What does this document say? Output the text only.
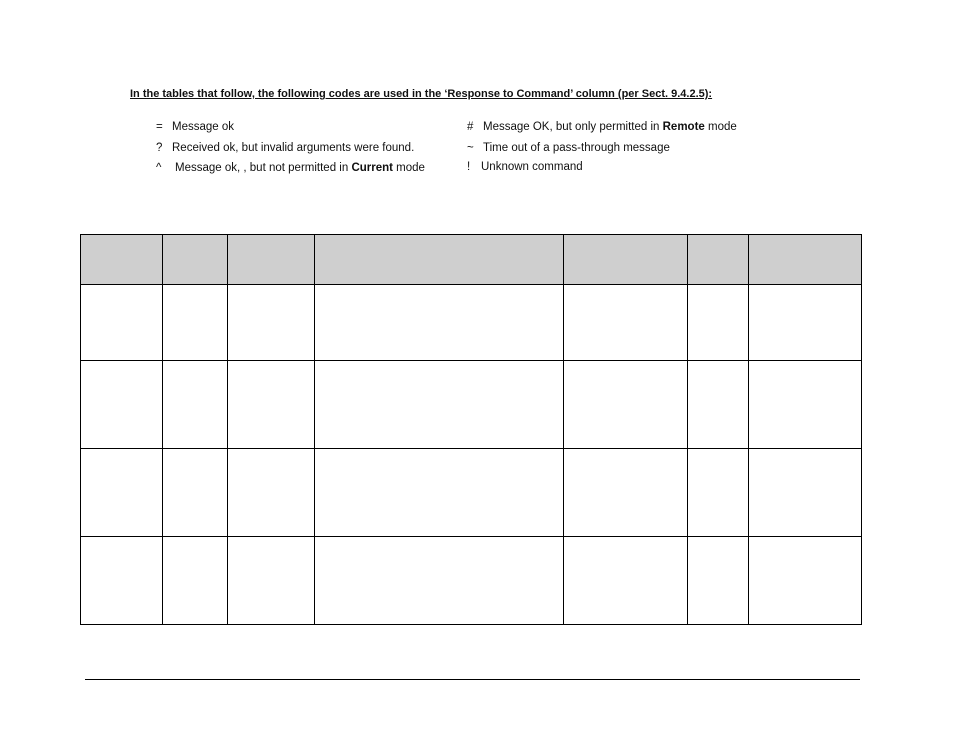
In the tables that follow, the following codes are used in the ‘Response to Command’ column (per Sect. 9.4.2.5):
= Message ok
? Received ok, but invalid arguments were found.
^ Message ok, , but not permitted in Current mode
# Message OK, but only permitted in Remote mode
~ Time out of a pass-through message
! Unknown command
